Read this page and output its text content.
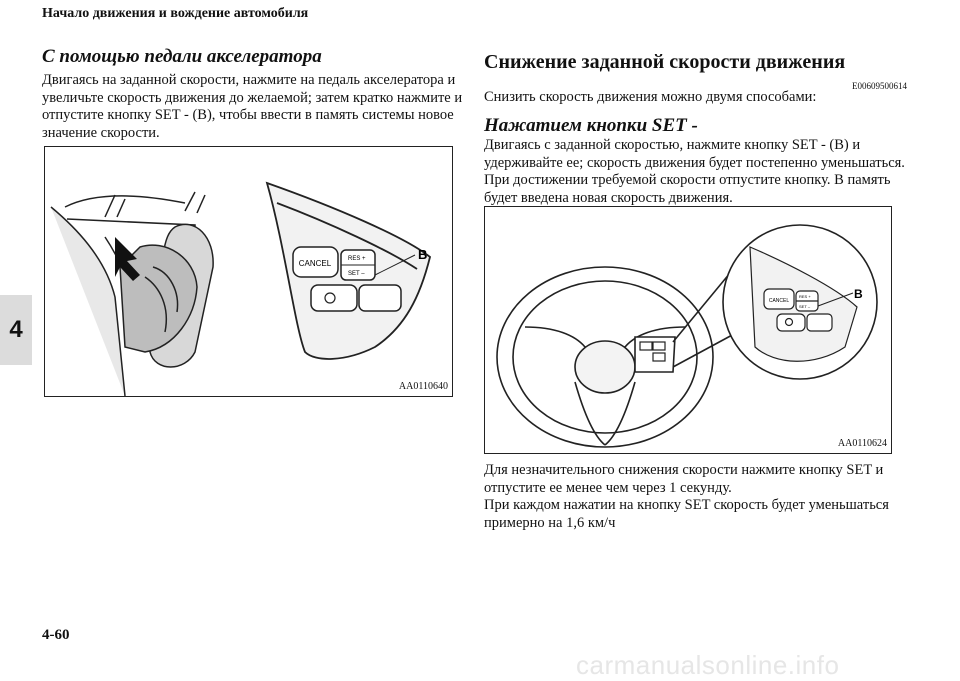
Начало движения и вождение автомобиля
4
С помощью педали акселератора
Двигаясь на заданной скорости, нажмите на педаль акселератора и
увеличьте скорость движения до желаемой; затем кратко нажмите и
отпустите кнопку SET - (B), чтобы ввести в память системы новое
значение скорости.
CANCEL	RES +
SET –
B
AA0110640
Снижение заданной скорости движения
E00609500614
Снизить скорость движения можно двумя способами:
Нажатием кнопки SET -
Двигаясь с заданной скоростью, нажмите кнопку SET - (B) и
удерживайте ее; скорость движения будет постепенно уменьшаться.
При достижении требуемой скорости отпустите кнопку. В память
будет введена новая скорость движения.
CANCEL
RES +
SET –
B
AA0110624
Для незначительного снижения скорости нажмите кнопку SET и
отпустите ее менее чем через 1 секунду.
При каждом нажатии на кнопку SET скорость будет уменьшаться
примерно на 1,6 км/ч
4-60
carmanualsonline.info
